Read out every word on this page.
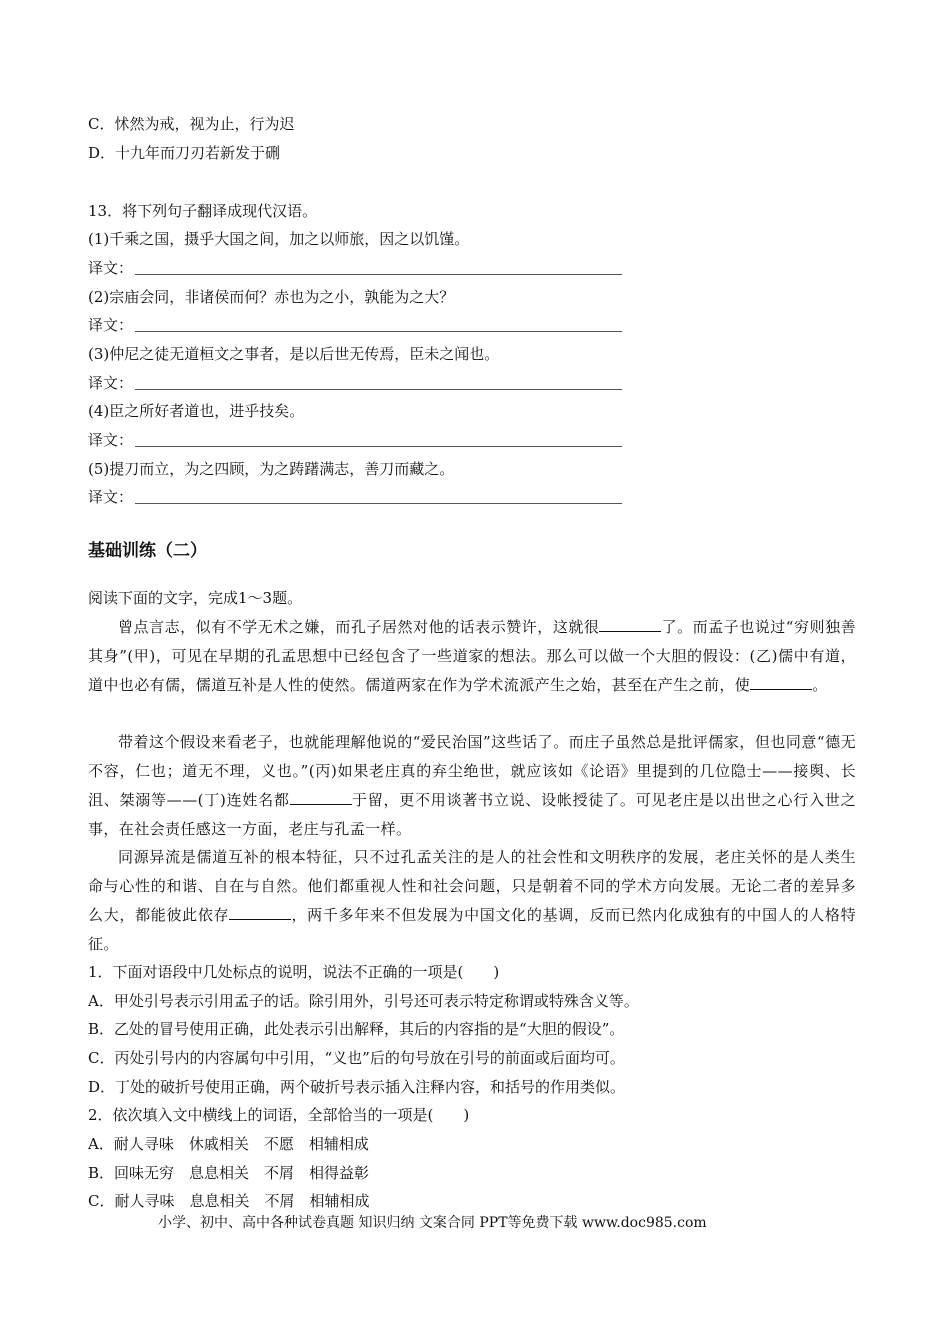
C．怵然为戒，视为止，行为迟
D．十九年而刀刃若新发于硎
13．将下列句子翻译成现代汉语。
(1)千乘之国，摄乎大国之间，加之以师旅，因之以饥馑。
译文：
(2)宗庙会同，非诸侯而何？赤也为之小，孰能为之大？
译文：
(3)仲尼之徒无道桓文之事者，是以后世无传焉，臣未之闻也。
译文：
(4)臣之所好者道也，进乎技矣。
译文：
(5)提刀而立，为之四顾，为之踌躇满志，善刀而藏之。
译文：
基础训练（二）
阅读下面的文字，完成1～3题。
曾点言志，似有不学无术之嫌，而孔子居然对他的话表示赞许，这就很	了。而孟子也说过“穷则独善其身”(甲)，可见在早期的孔孟思想中已经包含了一些道家的想法。那么可以做一个大胆的假设：(乙)儒中有道，道中也必有儒，儒道互补是人性的使然。儒道两家在作为学术流派产生之始，甚至在产生之前，使	。
带着这个假设来看老子，也就能理解他说的“爱民治国”这些话了。而庄子虽然总是批评儒家，但也同意“德无不容，仁也；道无不理，义也。”(丙)如果老庄真的弃尘绝世，就应该如《论语》里提到的几位隐士——接舆、长沮、桀溺等——(丁)连姓名都	于留，更不用谈著书立说、设帐授徒了。可见老庄是以出世之心行入世之事，在社会责任感这一方面，老庄与孔孟一样。
同源异流是儒道互补的根本特征，只不过孔孟关注的是人的社会性和文明秩序的发展，老庄关怀的是人类生命与心性的和谐、自在与自然。他们都重视人性和社会问题，只是朝着不同的学术方向发展。无论二者的差异多么大，都能彼此依存	，两千多年来不但发展为中国文化的基调，反而已然内化成独有的中国人的人格特征。
1．下面对语段中几处标点的说明，说法不正确的一项是(　　)
A．甲处引号表示引用孟子的话。除引用外，引号还可表示特定称谓或特殊含义等。
B．乙处的冒号使用正确，此处表示引出解释，其后的内容指的是“大胆的假设”。
C．丙处引号内的内容属句中引用，“义也”后的句号放在引号的前面或后面均可。
D．丁处的破折号使用正确，两个破折号表示插入注释内容，和括号的作用类似。
2．依次填入文中横线上的词语，全部恰当的一项是(　　)
A．耐人寻味　休戚相关　不愿　相辅相成
B．回味无穷　息息相关　不屑　相得益彰
C．耐人寻味　息息相关　不屑　相辅相成
小学、初中、高中各种试卷真题 知识归纳 文案合同 PPT等免费下载 www.doc985.com
